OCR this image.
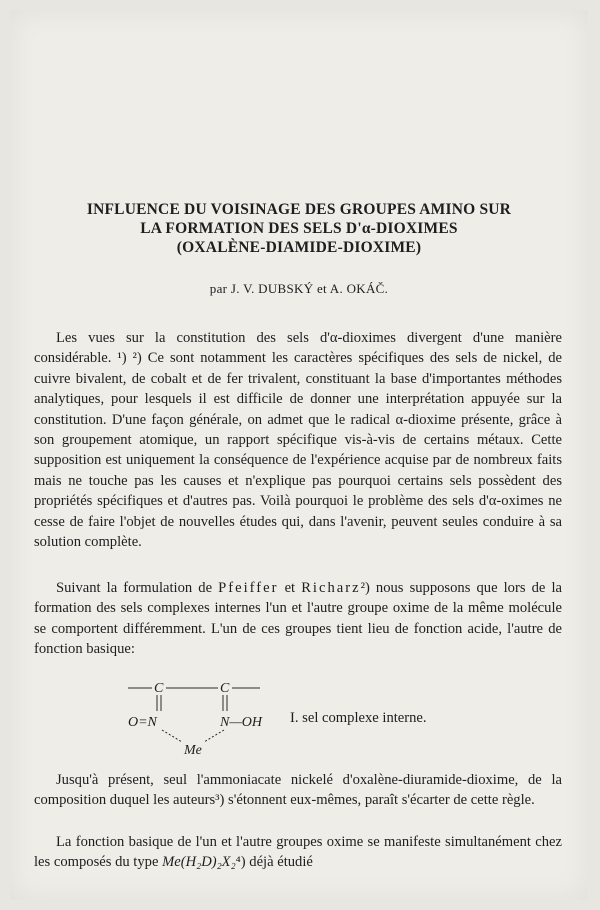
INFLUENCE DU VOISINAGE DES GROUPES AMINO SUR
LA FORMATION DES SELS D'α-DIOXIMES
(OXALÈNE-DIAMIDE-DIOXIME)
par J. V. DUBSKÝ et A. OKÁČ.

Les vues sur la constitution des sels d'α-dioximes divergent d'une manière considérable. ¹) ²) Ce sont notamment les caractères spécifiques des sels de nickel, de cuivre bivalent, de cobalt et de fer trivalent, constituant la base d'importantes méthodes analytiques, pour lesquels il est difficile de donner une interprétation appuyée sur la constitution. D'une façon générale, on admet que le radical α-dioxime présente, grâce à son groupement atomique, un rapport spécifique vis-à-vis de certains métaux. Cette supposition est uniquement la conséquence de l'expérience acquise par de nombreux faits mais ne touche pas les causes et n'explique pas pourquoi certains sels possèdent des propriétés spécifiques et d'autres pas. Voilà pourquoi le problème des sels d'α-oximes ne cesse de faire l'objet de nouvelles études qui, dans l'avenir, peuvent seules conduire à sa solution complète.

Suivant la formulation de Pfeiffer et Richarz²) nous supposons que lors de la formation des sels complexes internes l'un et l'autre groupe oxime de la même molécule se comportent différemment. L'un de ces groupes tient lieu de fonction acide, l'autre de fonction basique:

C	C
O=N	N—OH
Me
I. sel complexe interne.

Jusqu'à présent, seul l'ammoniacate nickelé d'oxalène-diuramide-dioxime, de la composition duquel les auteurs³) s'étonnent eux-mêmes, paraît s'écarter de cette règle.

La fonction basique de l'un et l'autre groupes oxime se manifeste simultanément chez les composés du type Me(H₂D)₂X₂⁴) déjà étudié
